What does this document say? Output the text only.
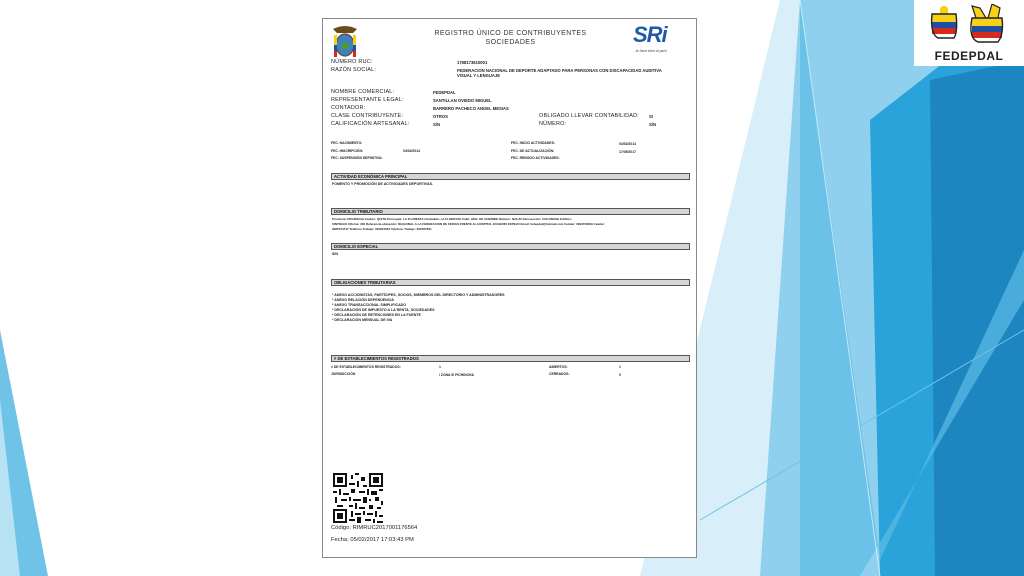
FEDEPDAL
REGISTRO ÚNICO DE CONTRIBUYENTES
SOCIEDADES	SRi
...le hace bien al país!
NÚMERO RUC:	1768173610001
RAZÓN SOCIAL:	FEDERACION NACIONAL DE DEPORTE ADAPTADO PARA PERSONAS CON DISCAPACIDAD AUDITIVA
VISUAL Y LENGUAJE
NOMBRE COMERCIAL:	FEDEPDAL
REPRESENTANTE LEGAL:	SANTILLAN OVIEDO MIGUEL
CONTADOR:	BARRERO PACHECO ANGEL MESIAS
CLASE CONTRIBUYENTE:	OTROS	OBLIGADO LLEVAR CONTABILIDAD: SI
CALIFICACIÓN ARTESANAL:	S/N	NÚMERO:	S/N
FEC. NACIMIENTO:	FEC. INICIO ACTIVIDADES:	04/02/2014
FEC. INSCRIPCIÓN:	04/02/2014	FEC. DE ACTUALIZACIÓN:	17/05/2017
FEC. SUSPENSIÓN DEFINITIVA:	FEC. REINICIO ACTIVIDADES:
ACTIVIDAD ECONÓMICA PRINCIPAL
FOMENTO Y PROMOCIÓN DE ACTIVIDADES DEPORTIVAS.
DOMICILIO TRIBUTARIO
Provincia: PICHINCHA Cantón: QUITO Parroquia: LA FLORESTA Ciudadela: LA FLORESTA Calle: GDE. DE CHERMIE Número: N23-32 Intersección: COLONCHE Edificio:
SINTRACE Oficina: 302 Referencia ubicación: DIAGONAL A LA FEDERACION DE FERIAS FRENTE AL HOSPITAL EUGENIO ESPEJO Email: fedepdal@hotmail.com Celular: 0993729009 Celular:
0985734747 Teléfono Trabajo: 022907064 Teléfono Trabajo: 022597831
DOMICILIO ESPECIAL
S/N
OBLIGACIONES TRIBUTARIAS
* ANEXO ACCIONISTAS, PARTÍCIPES, SOCIOS, MIEMBROS DEL DIRECTORIO Y ADMINISTRADORES
* ANEXO RELACIÓN DEPENDENCIA
* ANEXO TRANSACCIONAL SIMPLIFICADO
* DECLARACIÓN DE IMPUESTO A LA RENTA_SOCIEDADES
* DECLARACIÓN DE RETENCIONES EN LA FUENTE
* DECLARACIÓN MENSUAL DE IVA
# DE ESTABLECIMIENTOS REGISTRADOS
# DE ESTABLECIMIENTOS REGISTRADOS:	1	ABIERTOS:	1
JURISDICCIÓN	\ ZONA 9\ PICHINCHA	CERRADOS:	0
Código: RIMRUC2017001176564
Fecha: 05/02/2017 17:03:43 PM
